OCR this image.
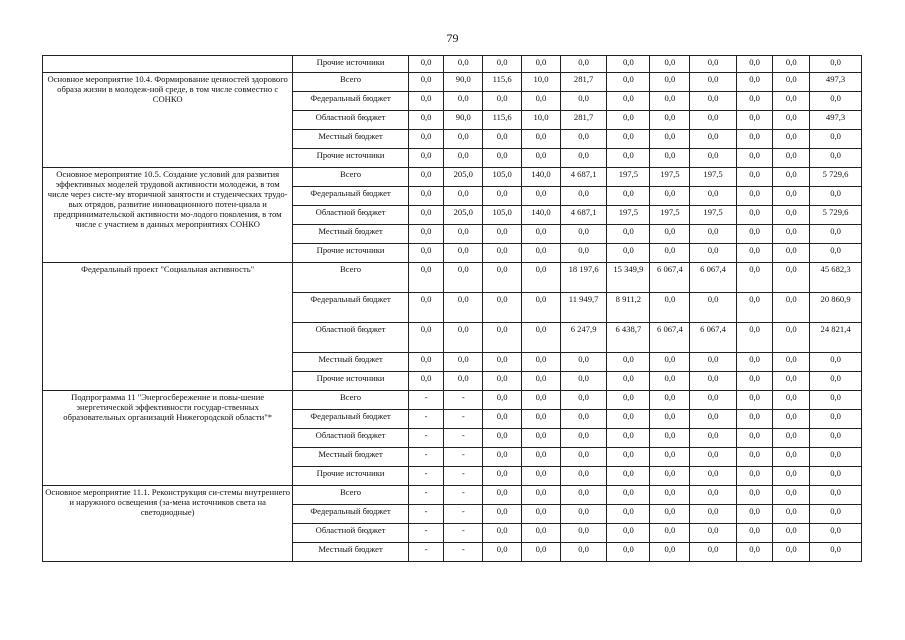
79
	Прочие источники	0,0	0,0	0,0	0,0	0,0	0,0	0,0	0,0	0,0	0,0	0,0
Основное мероприятие 10.4. Формирование ценностей здорового образа жизни в молодеж-ной среде, в том числе совместно с СОНКО	Всего	0,0	90,0	115,6	10,0	281,7	0,0	0,0	0,0	0,0	0,0	497,3
	Федеральный бюджет	0,0	0,0	0,0	0,0	0,0	0,0	0,0	0,0	0,0	0,0	0,0
	Областной бюджет	0,0	90,0	115,6	10,0	281,7	0,0	0,0	0,0	0,0	0,0	497,3
	Местный бюджет	0,0	0,0	0,0	0,0	0,0	0,0	0,0	0,0	0,0	0,0	0,0
	Прочие источники	0,0	0,0	0,0	0,0	0,0	0,0	0,0	0,0	0,0	0,0	0,0
Основное мероприятие 10.5. Создание условий для развития эффективных моделей трудовой активности молодежи, в том числе через систе-му вторичной занятости и студенческих трудо-вых отрядов, развитие инновационного потен-циала и предпринимательской активности мо-лодого поколения, в том числе с участием в данных мероприятиях СОНКО	Всего	0,0	205,0	105,0	140,0	4 687,1	197,5	197,5	197,5	0,0	0,0	5 729,6
	Федеральный бюджет	0,0	0,0	0,0	0,0	0,0	0,0	0,0	0,0	0,0	0,0	0,0
	Областной бюджет	0,0	205,0	105,0	140,0	4 687,1	197,5	197,5	197,5	0,0	0,0	5 729,6
	Местный бюджет	0,0	0,0	0,0	0,0	0,0	0,0	0,0	0,0	0,0	0,0	0,0
	Прочие источники	0,0	0,0	0,0	0,0	0,0	0,0	0,0	0,0	0,0	0,0	0,0
Федеральный проект "Социальная активность"	Всего	0,0	0,0	0,0	0,0	18 197,6	15 349,9	6 067,4	6 067,4	0,0	0,0	45 682,3
	Федеральный бюджет	0,0	0,0	0,0	0,0	11 949,7	8 911,2	0,0	0,0	0,0	0,0	20 860,9
	Областной бюджет	0,0	0,0	0,0	0,0	6 247,9	6 438,7	6 067,4	6 067,4	0,0	0,0	24 821,4
	Местный бюджет	0,0	0,0	0,0	0,0	0,0	0,0	0,0	0,0	0,0	0,0	0,0
	Прочие источники	0,0	0,0	0,0	0,0	0,0	0,0	0,0	0,0	0,0	0,0	0,0
Подпрограмма 11 "Энергосбережение и повы-шение энергетической эффективности государ-ственных образовательных организаций Нижегородской области"*	Всего	-	-	0,0	0,0	0,0	0,0	0,0	0,0	0,0	0,0	0,0
	Федеральный бюджет	-	-	0,0	0,0	0,0	0,0	0,0	0,0	0,0	0,0	0,0
	Областной бюджет	-	-	0,0	0,0	0,0	0,0	0,0	0,0	0,0	0,0	0,0
	Местный бюджет	-	-	0,0	0,0	0,0	0,0	0,0	0,0	0,0	0,0	0,0
	Прочие источники	-	-	0,0	0,0	0,0	0,0	0,0	0,0	0,0	0,0	0,0
Основное мероприятие 11.1. Реконструкция си-стемы внутреннего и наружного освещения (за-мена источников света на светодиодные)	Всего	-	-	0,0	0,0	0,0	0,0	0,0	0,0	0,0	0,0	0,0
	Федеральный бюджет	-	-	0,0	0,0	0,0	0,0	0,0	0,0	0,0	0,0	0,0
	Областной бюджет	-	-	0,0	0,0	0,0	0,0	0,0	0,0	0,0	0,0	0,0
	Местный бюджет	-	-	0,0	0,0	0,0	0,0	0,0	0,0	0,0	0,0	0,0
